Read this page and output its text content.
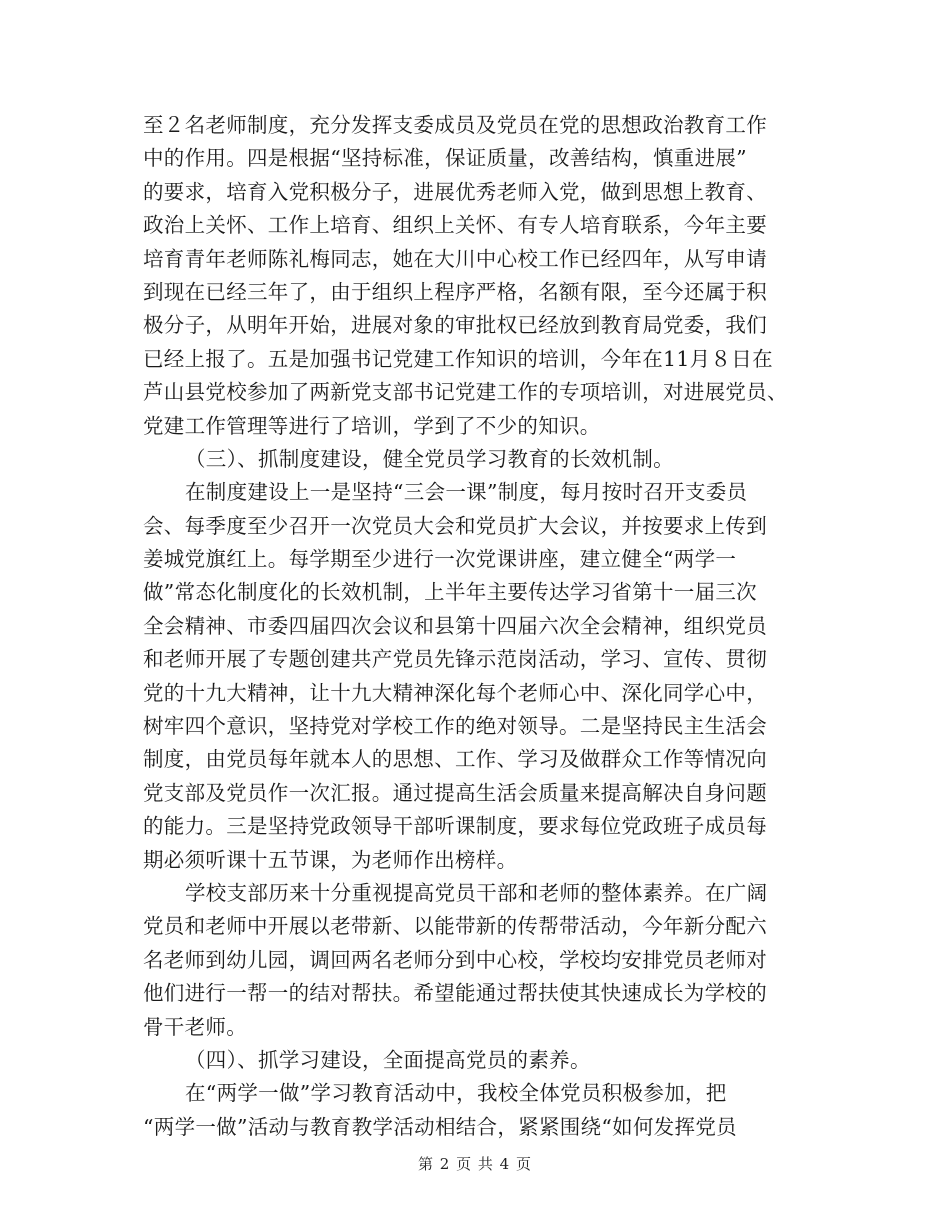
至２名老师制度，充分发挥支委成员及党员在党的思想政治教育工作
中的作用。四是根据“坚持标准，保证质量，改善结构，慎重进展”
的要求，培育入党积极分子，进展优秀老师入党，做到思想上教育、
政治上关怀、工作上培育、组织上关怀、有专人培育联系，今年主要
培育青年老师陈礼梅同志，她在大川中心校工作已经四年，从写申请
到现在已经三年了，由于组织上程序严格，名额有限，至今还属于积
极分子，从明年开始，进展对象的审批权已经放到教育局党委，我们
已经上报了。五是加强书记党建工作知识的培训，今年在11月８日在
芦山县党校参加了两新党支部书记党建工作的专项培训，对进展党员、
党建工作管理等进行了培训，学到了不少的知识。
（三）、抓制度建设，健全党员学习教育的长效机制。
在制度建设上一是坚持“三会一课”制度，每月按时召开支委员
会、每季度至少召开一次党员大会和党员扩大会议，并按要求上传到
姜城党旗红上。每学期至少进行一次党课讲座，建立健全“两学一
做”常态化制度化的长效机制，上半年主要传达学习省第十一届三次
全会精神、市委四届四次会议和县第十四届六次全会精神，组织党员
和老师开展了专题创建共产党员先锋示范岗活动，学习、宣传、贯彻
党的十九大精神，让十九大精神深化每个老师心中、深化同学心中，
树牢四个意识，坚持党对学校工作的绝对领导。二是坚持民主生活会
制度，由党员每年就本人的思想、工作、学习及做群众工作等情况向
党支部及党员作一次汇报。通过提高生活会质量来提高解决自身问题
的能力。三是坚持党政领导干部听课制度，要求每位党政班子成员每
期必须听课十五节课，为老师作出榜样。
学校支部历来十分重视提高党员干部和老师的整体素养。在广阔
党员和老师中开展以老带新、以能带新的传帮带活动，今年新分配六
名老师到幼儿园，调回两名老师分到中心校，学校均安排党员老师对
他们进行一帮一的结对帮扶。希望能通过帮扶使其快速成长为学校的
骨干老师。
（四）、抓学习建设，全面提高党员的素养。
在“两学一做”学习教育活动中，我校全体党员积极参加，把
“两学一做”活动与教育教学活动相结合，紧紧围绕“如何发挥党员
第 2 页 共 4 页
